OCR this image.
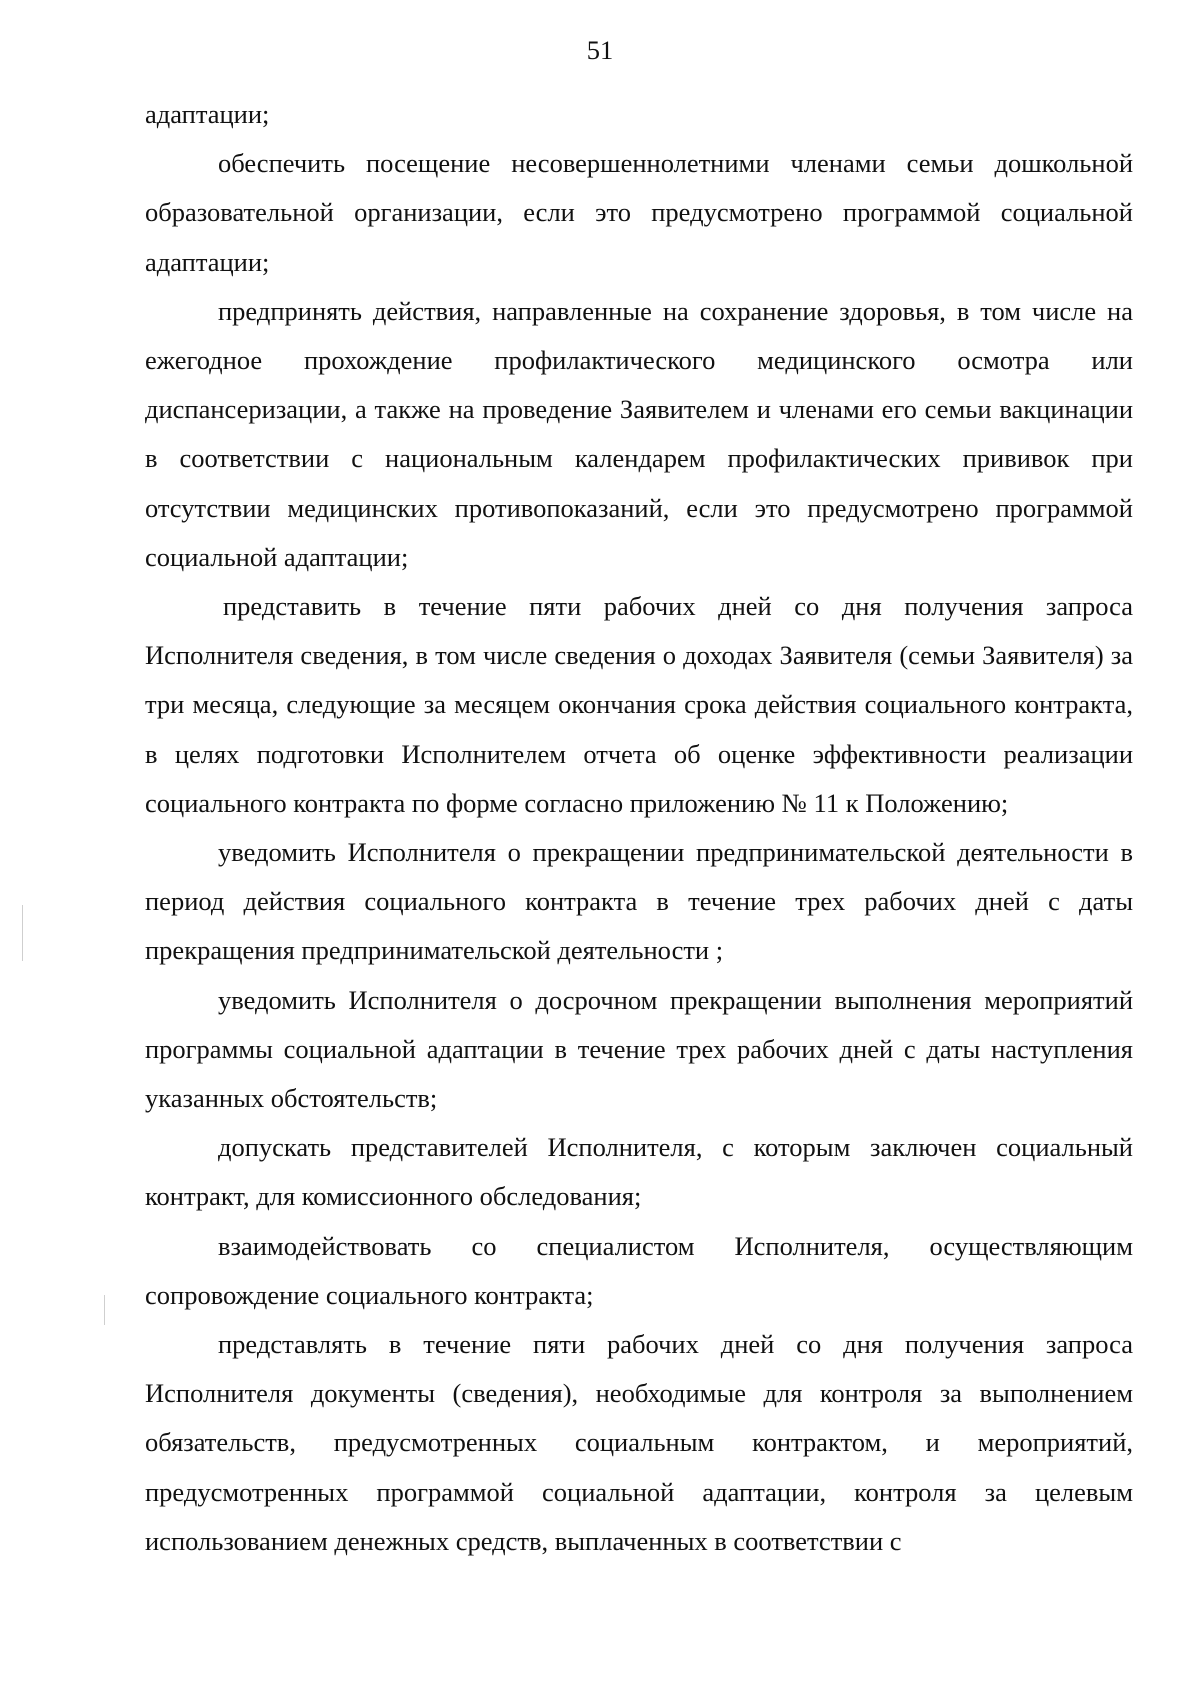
51

адаптации;

обеспечить посещение несовершеннолетними членами семьи дошкольной образовательной организации, если это предусмотрено программой социальной адаптации;

предпринять действия, направленные на сохранение здоровья, в том числе на ежегодное прохождение профилактического медицинского осмотра или диспансеризации, а также на проведение Заявителем и членами его семьи вакцинации в соответствии с национальным календарем профилактических прививок при отсутствии медицинских противопоказаний, если это предусмотрено программой социальной адаптации;

представить в течение пяти рабочих дней со дня получения запроса Исполнителя сведения, в том числе сведения о доходах Заявителя (семьи Заявителя) за три месяца, следующие за месяцем окончания срока действия социального контракта, в целях подготовки Исполнителем отчета об оценке эффективности реализации социального контракта по форме согласно приложению № 11 к Положению;

уведомить Исполнителя о прекращении предпринимательской деятельности в период действия социального контракта в течение трех рабочих дней с даты прекращения предпринимательской деятельности ;

уведомить Исполнителя о досрочном прекращении выполнения мероприятий программы социальной адаптации в течение трех рабочих дней с даты наступления указанных обстоятельств;

допускать представителей Исполнителя, с которым заключен социальный контракт, для комиссионного обследования;

взаимодействовать со специалистом Исполнителя, осуществляющим сопровождение социального контракта;

представлять в течение пяти рабочих дней со дня получения запроса Исполнителя документы (сведения), необходимые для контроля за выполнением обязательств, предусмотренных социальным контрактом, и мероприятий, предусмотренных программой социальной адаптации, контроля за целевым использованием денежных средств, выплаченных в соответствии с
